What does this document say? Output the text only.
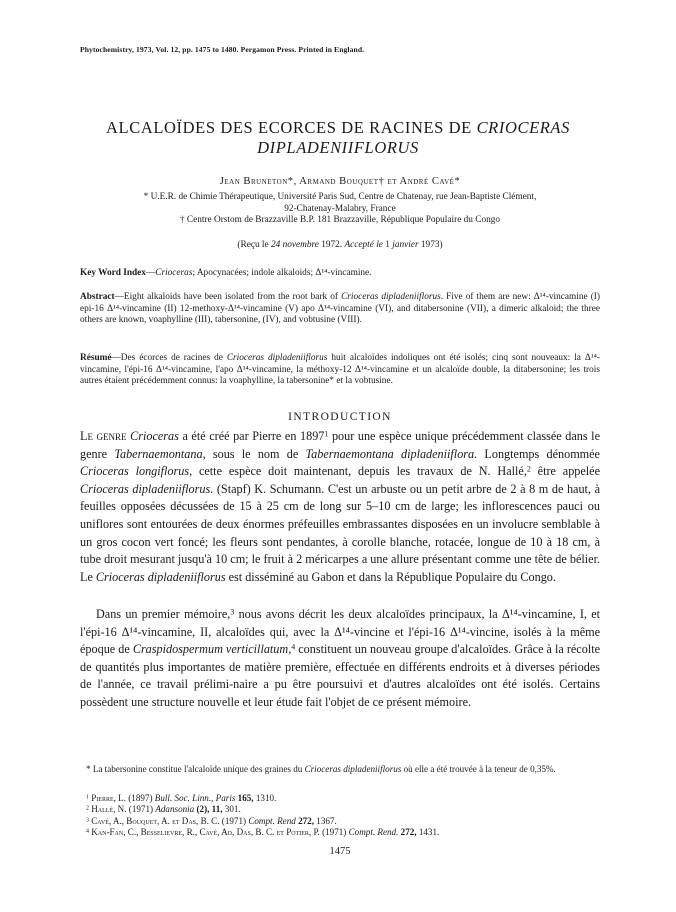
Phytochemistry, 1973, Vol. 12, pp. 1475 to 1480. Pergamon Press. Printed in England.
ALCALOÏDES DES ECORCES DE RACINES DE CRIOCERAS
DIPLADENIIFLORUS
Jean Bruneton*, Armand Bouquet† et André Cavé*
* U.E.R. de Chimie Thérapeutique, Université Paris Sud, Centre de Chatenay, rue Jean-Baptiste Clément,
92-Chatenay-Malabry, France
† Centre Orstom de Brazzaville B.P. 181 Brazzaville, République Populaire du Congo
(Reçu le 24 novembre 1972. Accepté le 1 janvier 1973)
Key Word Index—Crioceras; Apocynacées; indole alkaloids; Δ¹⁴-vincamine.
Abstract—Eight alkaloids have been isolated from the root bark of Crioceras dipladeniiflorus. Five of them are new: Δ¹⁴-vincamine (I) epi-16 Δ¹⁴-vincamine (II) 12-methoxy-Δ¹⁴-vincamine (V) apo Δ¹⁴-vincamine (VI), and ditabersonine (VII), a dimeric alkaloid; the three others are known, voaphylline (III), tabersonine, (IV), and vobtusine (VIII).
Résumé—Des écorces de racines de Crioceras dipladeniiflorus huit alcaloïdes indoliques ont été isolés; cinq sont nouveaux: la Δ¹⁴-vincamine, l'épi-16 Δ¹⁴-vincamine, l'apo Δ¹⁴-vincamine, la méthoxy-12 Δ¹⁴-vincamine et un alcaloïde double, la ditabersonine; les trois autres étaient précédemment connus: la voaphylline, la tabersonine* et la vobtusine.
INTRODUCTION

Le genre Crioceras a été créé par Pierre en 1897$^1$ pour une espèce unique précédemment classée dans le genre Tabernaemontana, sous le nom de Tabernaemontana dipladeniiflora. Longtemps dénommée Crioceras longiflorus, cette espèce doit maintenant, depuis les travaux de N. Hallé,$^2$ être appelée Crioceras dipladeniiflorus. (Stapf) K. Schumann. C'est un arbuste ou un petit arbre de 2 à 8 m de haut, à feuilles opposées décussées de 15 à 25 cm de long sur 5–10 cm de large; les inflorescences pauci ou uniflores sont entourées de deux énormes préfeuilles embrassantes disposées en un involucre semblable à un gros cocon vert foncé; les fleurs sont pendantes, à corolle blanche, rotacée, longue de 10 à 18 cm, à tube droit mesurant jusqu'à 10 cm; le fruit à 2 méricarpes a une allure présentant comme une tête de bélier. Le Crioceras dipladeniiflorus est disséminé au Gabon et dans la République Populaire du Congo.

Dans un premier mémoire,$^3$ nous avons décrit les deux alcaloïdes principaux, la Δ¹⁴-vincamine, I, et l'épi-16 Δ¹⁴-vincamine, II, alcaloïdes qui, avec la Δ¹⁴-vincine et l'épi-16 Δ¹⁴-vincine, isolés à la même époque de Craspidospermum verticillatum,$^4$ constituent un nouveau groupe d'alcaloïdes. Grâce à la récolte de quantités plus importantes de matière première, effectuée en différents endroits et à diverses périodes de l'année, ce travail prélimi-naire a pu être poursuivi et d'autres alcaloïdes ont été isolés. Certains possèdent une structure nouvelle et leur étude fait l'objet de ce présent mémoire.

* La tabersonine constitue l'alcaloïde unique des graines du Crioceras dipladeniiflorus où elle a été trouvée à la teneur de 0,35%.

$^1$ Pierre, L. (1897) Bull. Soc. Linn., Paris 165, 1310.
$^2$ Hallé, N. (1971) Adansonia (2), 11, 301.
$^3$ Cavé, A., Bouquet, A. et Das, B. C. (1971) Compt. Rend 272, 1367.
$^4$ Kan-Fan, C., Besselievre, R., Cavé, Ad, Das, B. C. et Potier, P. (1971) Compt. Rend. 272, 1431.
1475
